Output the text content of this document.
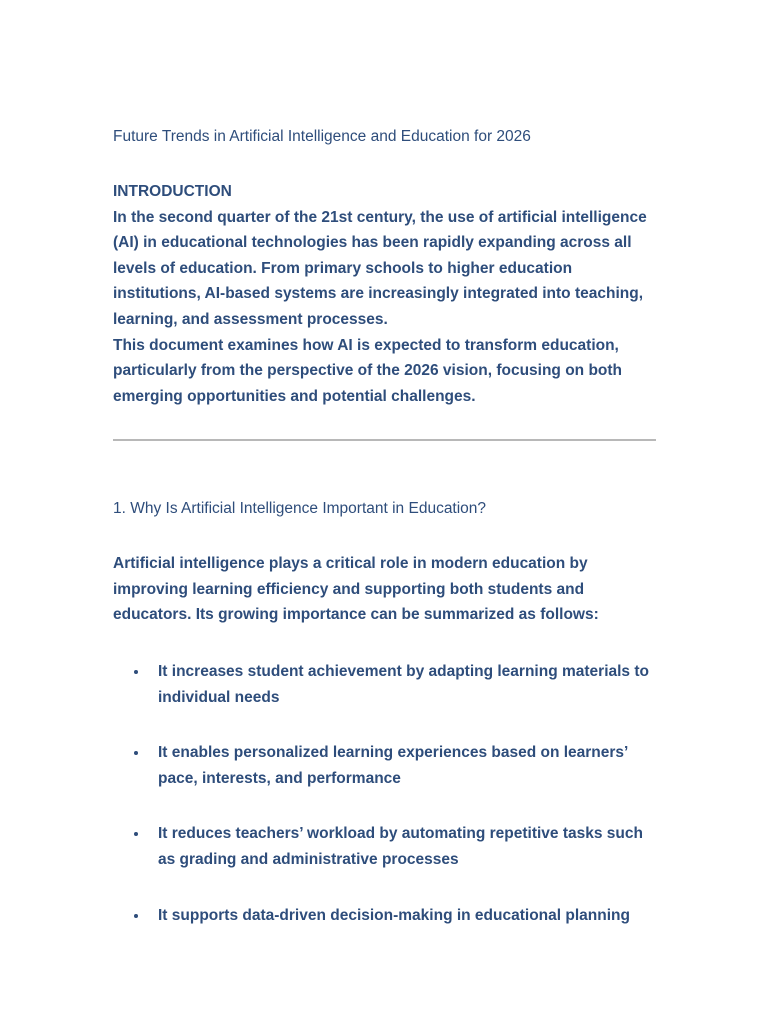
Future Trends in Artificial Intelligence and Education for 2026
INTRODUCTION

In the second quarter of the 21st century, the use of artificial intelligence (AI) in educational technologies has been rapidly expanding across all levels of education. From primary schools to higher education institutions, AI-based systems are increasingly integrated into teaching, learning, and assessment processes.

This document examines how AI is expected to transform education, particularly from the perspective of the 2026 vision, focusing on both emerging opportunities and potential challenges.

1. Why Is Artificial Intelligence Important in Education?

Artificial intelligence plays a critical role in modern education by improving learning efficiency and supporting both students and educators. Its growing importance can be summarized as follows:

It increases student achievement by adapting learning materials to individual needs
It enables personalized learning experiences based on learners’ pace, interests, and performance
It reduces teachers’ workload by automating repetitive tasks such as grading and administrative processes
It supports data-driven decision-making in educational planning
